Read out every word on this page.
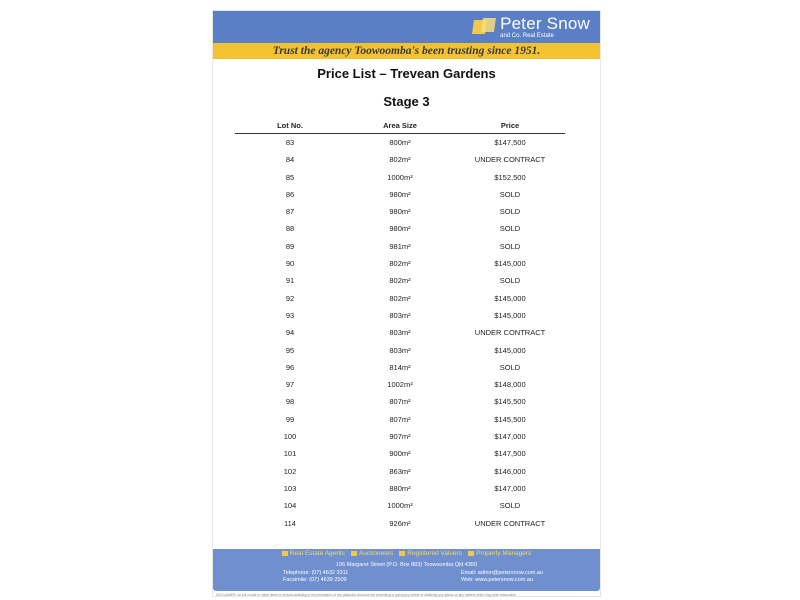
Peter Snow
and Co. Real Estate
Trust the agency Toowoomba's been trusting since 1951.
Price List – Trevean Gardens
Stage 3
Lot No.	Area Size	Price
83	800m²	$147,500
84	802m²	UNDER CONTRACT
85	1000m²	$152,500
86	980m²	SOLD
87	980m²	SOLD
88	980m²	SOLD
89	981m²	SOLD
90	802m²	$145,000
91	802m²	SOLD
92	802m²	$145,000
93	803m²	$145,000
94	803m²	UNDER CONTRACT
95	803m²	$145,000
96	814m²	SOLD
97	1002m²	$148,000
98	807m²	$145,500
99	807m²	$145,500
100	907m²	$147,000
101	900m²	$147,500
102	863m²	$146,000
103	880m²	$147,000
104	1000m²	SOLD
114	926m²	UNDER CONTRACT
Real Estate Agents Auctioneers Registered Valuers Property Managers
196 Margaret Street (P.O. Box 883) Toowoomba Qld 4350
Telephone: (07) 4632 3311
Facsimile: (07) 4639 2509
Email: admin@petersnow.com.au
Web: www.petersnow.com.au
DISCLAIMER: No bill of sale or future items or persons assisting in the preparation of this particular brochure are presenting or giving any further or obtaining any advice on any matters which may arise reasonable
